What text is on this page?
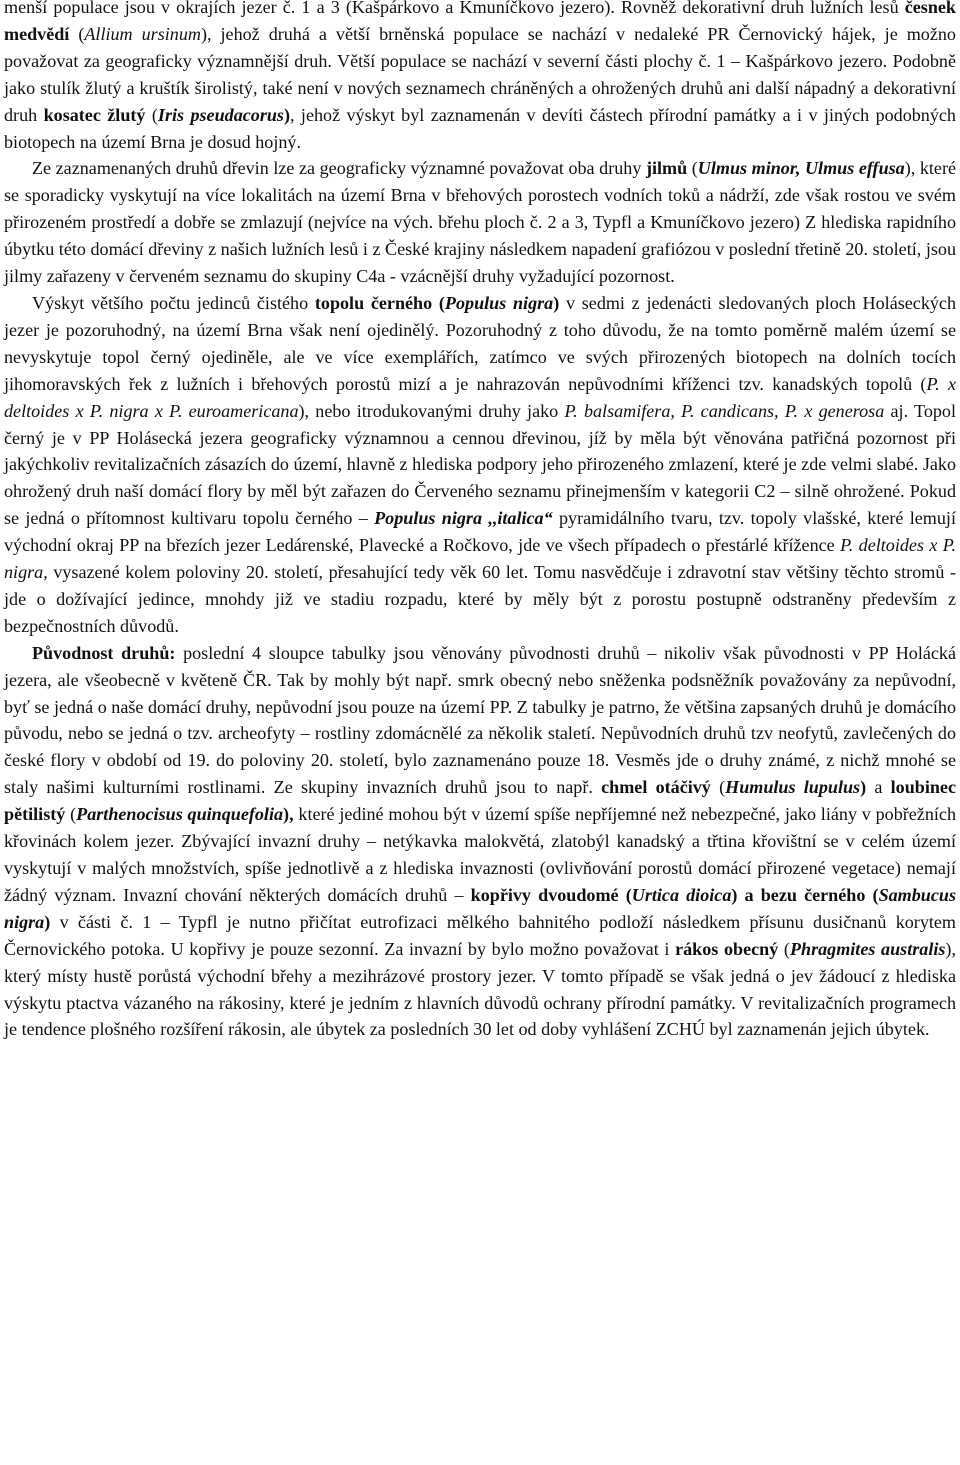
menší populace jsou v okrajích jezer č. 1 a 3 (Kašpárkovo a Kmuníčkovo jezero). Rovněž dekorativní druh lužních lesů česnek medvědí (Allium ursinum), jehož druhá a větší brněnská populace se nachází v nedaleké PR Černovický hájek, je možno považovat za geograficky významnější druh. Větší populace se nachází v severní části plochy č. 1 – Kašpárkovo jezero. Podobně jako stulík žlutý a kruštík širolistý, také není v nových seznamech chráněných a ohrožených druhů ani další nápadný a dekorativní druh kosatec žlutý (Iris pseudacorus), jehož výskyt byl zaznamenán v devíti částech přírodní památky a i v jiných podobných biotopech na území Brna je dosud hojný.

Ze zaznamenaných druhů dřevin lze za geograficky významné považovat oba druhy jilmů (Ulmus minor, Ulmus effusa), které se sporadicky vyskytují na více lokalitách na území Brna v břehových porostech vodních toků a nádrží, zde však rostou ve svém přirozeném prostředí a dobře se zmlazují (nejvíce na vých. břehu ploch č. 2 a 3, Typfl a Kmuníčkovo jezero) Z hlediska rapidního úbytku této domácí dřeviny z našich lužních lesů i z České krajiny následkem napadení grafiózou v poslední třetině 20. století, jsou jilmy zařazeny v červeném seznamu do skupiny C4a - vzácnější druhy vyžadující pozornost.

Výskyt většího počtu jedinců čistého topolu černého (Populus nigra) v sedmi z jedenácti sledovaných ploch Holáseckých jezer je pozoruhodný, na území Brna však není ojedinělý. Pozoruhodný z toho důvodu, že na tomto poměrně malém území se nevyskytuje topol černý ojediněle, ale ve více exemplářích, zatímco ve svých přirozených biotopech na dolních tocích jihomoravských řek z lužních i břehových porostů mizí a je nahrazován nepůvodními kříženci tzv. kanadských topolů (P. x deltoides x P. nigra x P. euroamericana), nebo itrodukovanými druhy jako P. balsamifera, P. candicans, P. x generosa aj. Topol černý je v PP Holásecká jezera geograficky významnou a cennou dřevinou, jíž by měla být věnována patřičná pozornost při jakýchkoliv revitalizačních zásazích do území, hlavně z hlediska podpory jeho přirozeného zmlazení, které je zde velmi slabé. Jako ohrožený druh naší domácí flory by měl být zařazen do Červeného seznamu přinejmenším v kategorii C2 – silně ohrožené. Pokud se jedná o přítomnost kultivaru topolu černého – Populus nigra ,,italica“ pyramidálního tvaru, tzv. topoly vlašské, které lemují východní okraj PP na březích jezer Ledárenské, Plavecké a Ročkovo, jde ve všech případech o přestárlé křížence P. deltoides x P. nigra, vysazené kolem poloviny 20. století, přesahující tedy věk 60 let. Tomu nasvědčuje i zdravotní stav většiny těchto stromů - jde o dožívající jedince, mnohdy již ve stadiu rozpadu, které by měly být z porostu postupně odstraněny především z bezpečnostních důvodů.

Původnost druhů: poslední 4 sloupce tabulky jsou věnovány původnosti druhů – nikoliv však původnosti v PP Holácká jezera, ale všeobecně v květeně ČR. Tak by mohly být např. smrk obecný nebo sněženka podsněžník považovány za nepůvodní, byť se jedná o naše domácí druhy, nepůvodní jsou pouze na území PP. Z tabulky je patrno, že většina zapsaných druhů je domácího původu, nebo se jedná o tzv. archeofyty – rostliny zdomácnělé za několik staletí. Nepůvodních druhů tzv neofytů, zavlečených do české flory v období od 19. do poloviny 20. století, bylo zaznamenáno pouze 18. Vesměs jde o druhy známé, z nichž mnohé se staly našimi kulturními rostlinami. Ze skupiny invazních druhů jsou to např. chmel otáčivý (Humulus lupulus) a loubinec pětilistý (Parthenocisus quinquefolia), které jediné mohou být v území spíše nepříjemné než nebezpečné, jako liány v pobřežních křovinách kolem jezer. Zbývající invazní druhy – netýkavka malokvětá, zlatobýl kanadský a třtina křovištní se v celém území vyskytují v malých množstvích, spíše jednotlivě a z hlediska invaznosti (ovlivňování porostů domácí přirozené vegetace) nemají žádný význam. Invazní chování některých domácích druhů – kopřivy dvoudomé (Urtica dioica) a bezu černého (Sambucus nigra) v části č. 1 – Typfl je nutno přičítat eutrofizaci mělkého bahnitého podloží následkem přísunu dusičnanů korytem Černovického potoka. U kopřivy je pouze sezonní. Za invazní by bylo možno považovat i rákos obecný (Phragmites australis), který místy hustě porůstá východní břehy a mezihrázové prostory jezer. V tomto případě se však jedná o jev žádoucí z hlediska výskytu ptactva vázaného na rákosiny, které je jedním z hlavních důvodů ochrany přírodní památky. V revitalizačních programech je tendence plošného rozšíření rákosin, ale úbytek za posledních 30 let od doby vyhlášení ZCHÚ byl zaznamenán jejich úbytek.
